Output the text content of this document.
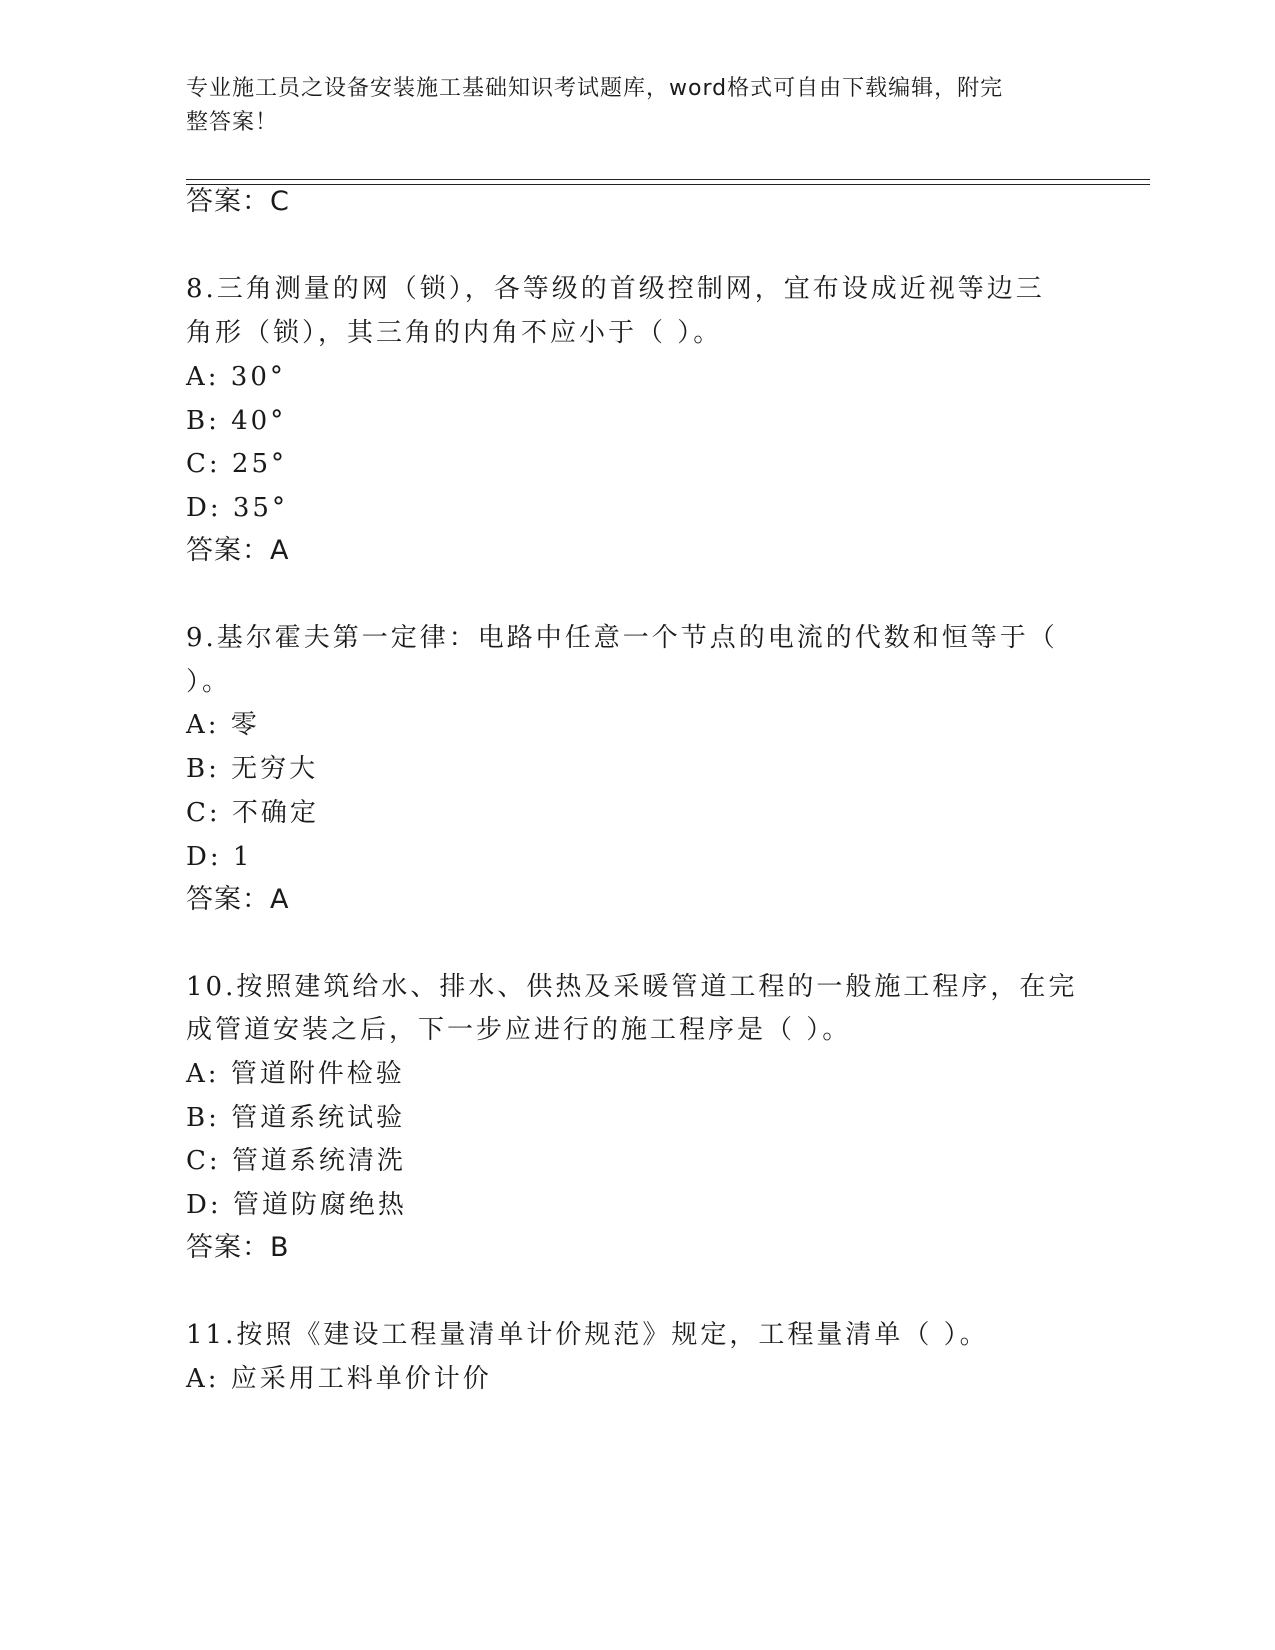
专业施工员之设备安装施工基础知识考试题库，word格式可自由下载编辑，附完
整答案！
答案：C
8.三角测量的网（锁），各等级的首级控制网，宜布设成近视等边三
角形（锁），其三角的内角不应小于（ ）。
A: 30°
B: 40°
C: 25°
D: 35°
答案：A
9.基尔霍夫第一定律：电路中任意一个节点的电流的代数和恒等于（
）。
A: 零
B: 无穷大
C: 不确定
D: 1
答案：A
10.按照建筑给水、排水、供热及采暖管道工程的一般施工程序，在完
成管道安装之后，下一步应进行的施工程序是（ ）。
A: 管道附件检验
B: 管道系统试验
C: 管道系统清洗
D: 管道防腐绝热
答案：B
11.按照《建设工程量清单计价规范》规定，工程量清单（ ）。
A: 应采用工料单价计价
